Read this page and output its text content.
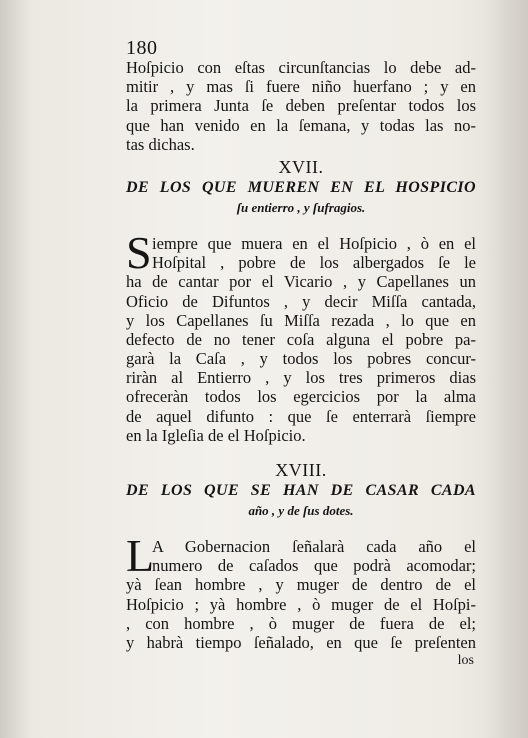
180
Hoſpicio con eſtas circunſtancias lo debe ad-
mitir , y mas ſi fuere niño huerfano ; y en
la primera Junta ſe deben preſentar todos los
que han venido en la ſemana, y todas las no-
tas dichas.
XVII.
DE LOS QUE MUEREN EN EL HOSPICIO
ſu entierro , y ſufragios.
S iempre que muera en el Hoſpicio , ò en el
Hoſpital , pobre de los albergados ſe le
ha de cantar por el Vicario , y Capellanes un
Oficio de Difuntos , y decir Miſſa cantada,
y los Capellanes ſu Miſſa rezada , lo que en
defecto de no tener coſa alguna el pobre pa-
garà la Caſa , y todos los pobres concur-
riràn al Entierro , y los tres primeros dias
ofreceràn todos los egercicios por la alma
de aquel difunto : que ſe enterrarà ſiempre
en la Igleſia de el Hoſpicio.
XVIII.
DE LOS QUE SE HAN DE CASAR CADA
año , y de ſus dotes.
L
A Gobernacion ſeñalarà cada año el
numero de caſados que podrà acomodar;
yà ſean hombre , y muger de dentro de el
Hoſpicio ; yà hombre , ò muger de el Hoſpi-
, con hombre , ò muger de fuera de el;
y habrà tiempo ſeñalado, en que ſe preſenten
los
